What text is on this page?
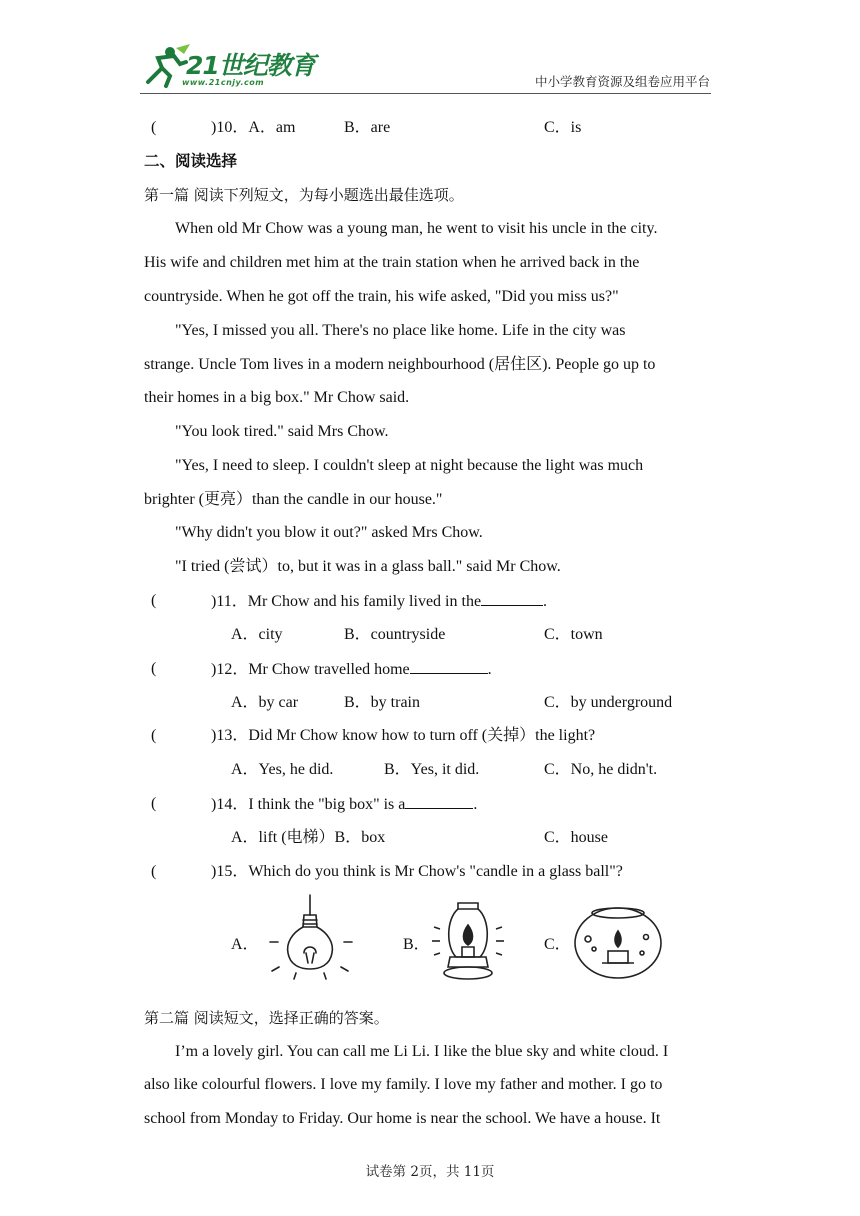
21世纪教育
www.21cnjy.com	中小学教育资源及组卷应用平台
(	)10．A．am	B．are	C．is
二、阅读选择
第一篇 阅读下列短文，为每小题选出最佳选项。
When old Mr Chow was a young man, he went to visit his uncle in the city.
His wife and children met him at the train station when he arrived back in the
countryside. When he got off the train, his wife asked, "Did you miss us?"
"Yes, I missed you all. There's no place like home. Life in the city was
strange. Uncle Tom lives in a modern neighbourhood (居住区). People go up to
their homes in a big box." Mr Chow said.
"You look tired." said Mrs Chow.
"Yes, I need to sleep. I couldn't sleep at night because the light was much
brighter (更亮）than the candle in our house."
"Why didn't you blow it out?" asked Mrs Chow.
"I tried (尝试）to, but it was in a glass ball." said Mr Chow.
(	)11．Mr Chow and his family lived in the	.
A．city	B．countryside	C．town
(	)12．Mr Chow travelled home	.
A．by car	B．by train	C．by underground
(	)13．Did Mr Chow know how to turn off (关掉）the light?
A．Yes, he did.	B．Yes, it did.	C．No, he didn't.
(	)14．I think the "big box" is a	.
A．lift (电梯）B．box	C．house
(	)15．Which do you think is Mr Chow's "candle in a glass ball"?
A．	B．	C．
第二篇 阅读短文，选择正确的答案。
I’m a lovely girl. You can call me Li Li. I like the blue sky and white cloud. I
also like colourful flowers. I love my family. I love my father and mother. I go to
school from Monday to Friday. Our home is near the school. We have a house. It
试卷第 2页，共 11页
